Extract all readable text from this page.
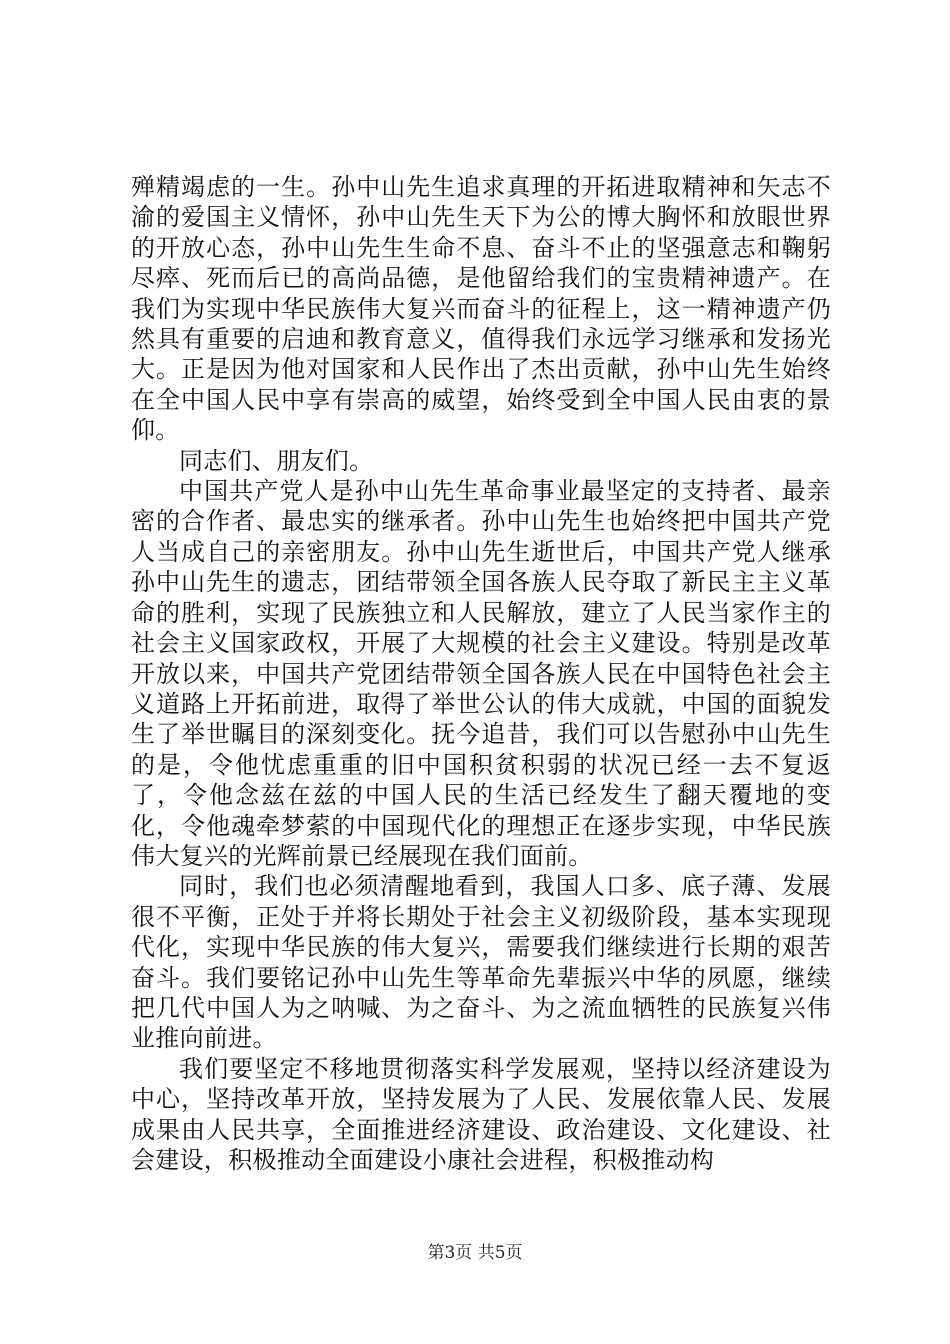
殚精竭虑的一生。孙中山先生追求真理的开拓进取精神和矢志不渝的爱国主义情怀，孙中山先生天下为公的博大胸怀和放眼世界的开放心态，孙中山先生生命不息、奋斗不止的坚强意志和鞠躬尽瘁、死而后已的高尚品德，是他留给我们的宝贵精神遗产。在我们为实现中华民族伟大复兴而奋斗的征程上，这一精神遗产仍然具有重要的启迪和教育意义，值得我们永远学习继承和发扬光大。正是因为他对国家和人民作出了杰出贡献，孙中山先生始终在全中国人民中享有崇高的威望，始终受到全中国人民由衷的景仰。

同志们、朋友们。

中国共产党人是孙中山先生革命事业最坚定的支持者、最亲密的合作者、最忠实的继承者。孙中山先生也始终把中国共产党人当成自己的亲密朋友。孙中山先生逝世后，中国共产党人继承孙中山先生的遗志，团结带领全国各族人民夺取了新民主主义革命的胜利，实现了民族独立和人民解放，建立了人民当家作主的社会主义国家政权，开展了大规模的社会主义建设。特别是改革开放以来，中国共产党团结带领全国各族人民在中国特色社会主义道路上开拓前进，取得了举世公认的伟大成就，中国的面貌发生了举世瞩目的深刻变化。抚今追昔，我们可以告慰孙中山先生的是，令他忧虑重重的旧中国积贫积弱的状况已经一去不复返了，令他念兹在兹的中国人民的生活已经发生了翻天覆地的变化，令他魂牵梦萦的中国现代化的理想正在逐步实现，中华民族伟大复兴的光辉前景已经展现在我们面前。

同时，我们也必须清醒地看到，我国人口多、底子薄、发展很不平衡，正处于并将长期处于社会主义初级阶段，基本实现现代化，实现中华民族的伟大复兴，需要我们继续进行长期的艰苦奋斗。我们要铭记孙中山先生等革命先辈振兴中华的夙愿，继续把几代中国人为之呐喊、为之奋斗、为之流血牺牲的民族复兴伟业推向前进。

我们要坚定不移地贯彻落实科学发展观，坚持以经济建设为中心，坚持改革开放，坚持发展为了人民、发展依靠人民、发展成果由人民共享，全面推进经济建设、政治建设、文化建设、社会建设，积极推动全面建设小康社会进程，积极推动构

第3页 共5页
